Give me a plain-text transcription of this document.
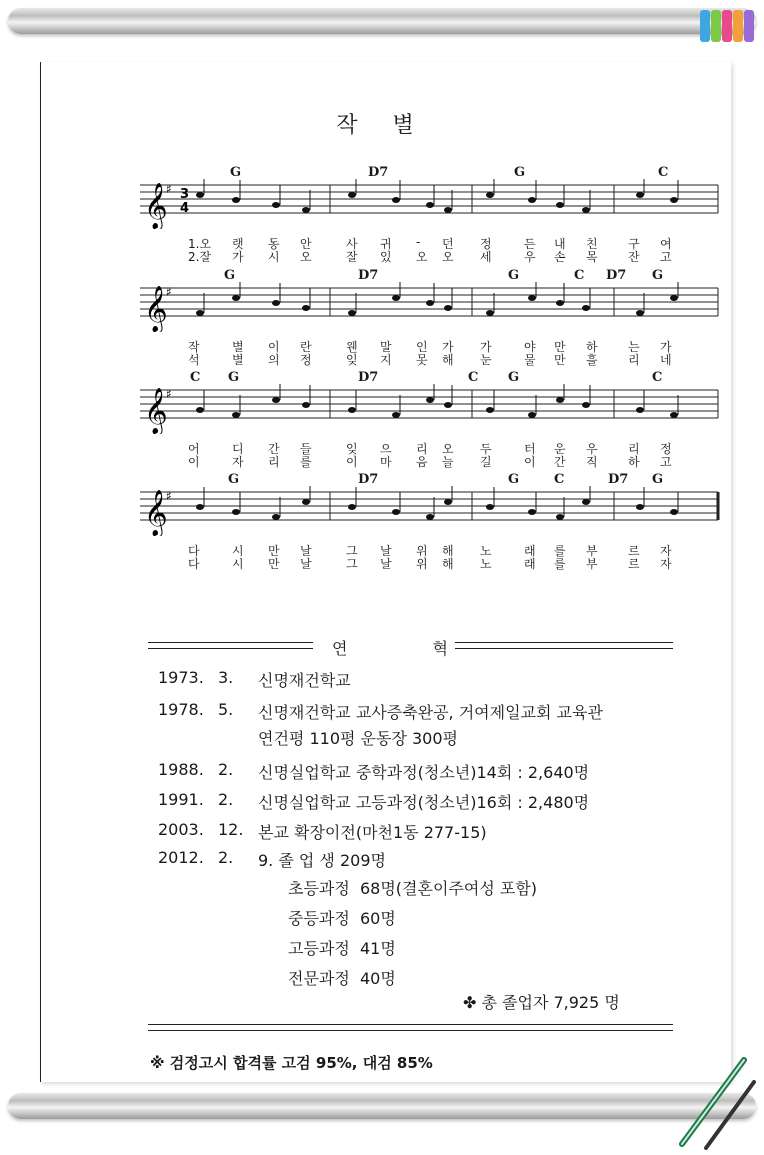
작 별
G	D7	G	C
𝄞
♯ 3
4
1.오 랫 동 안	사 귀 - 던 정	든 내 친	구 여
2.잘 가 시 오	잘 있 오 오 세	우 손 목	잔 고
G	D7	G	C D7 G
𝄞
♯
작	별 이 란	웬 말 인 가 가	야 만 하	는 가
석	별 의 정	잊 지 못 해 눈	물 만 흘	리 네
C G	D7	C G	C
𝄞
♯
어	디 간 들	잊 으 리 오 두	터 운 우	리 정
이	자 리 를	이 마 음 늘 길	이 간 직	하 고
G	D7	G	C	D7 G
𝄞
♯
다	시 만 날	그 날 위 해 노	래 를 부	르 자
다	시 만 날	그 날 위 해 노	래 를 부	르 자
연 혁
1973. 3. 신명재건학교
1978. 5. 신명재건학교 교사증축완공, 거여제일교회 교육관
연건평 110평 운동장 300평
1988. 2. 신명실업학교 중학과정(청소년)14회 : 2,640명
1991. 2. 신명실업학교 고등과정(청소년)16회 : 2,480명
2003. 12. 본교 확장이전(마천1동 277-15)
2012. 2. 9. 졸 업 생 209명
초등과정  68명(결혼이주여성 포함)
중등과정  60명
고등과정  41명
전문과정  40명
✤ 총 졸업자 7,925 명
※ 검정고시 합격률 고검 95%, 대검 85%
